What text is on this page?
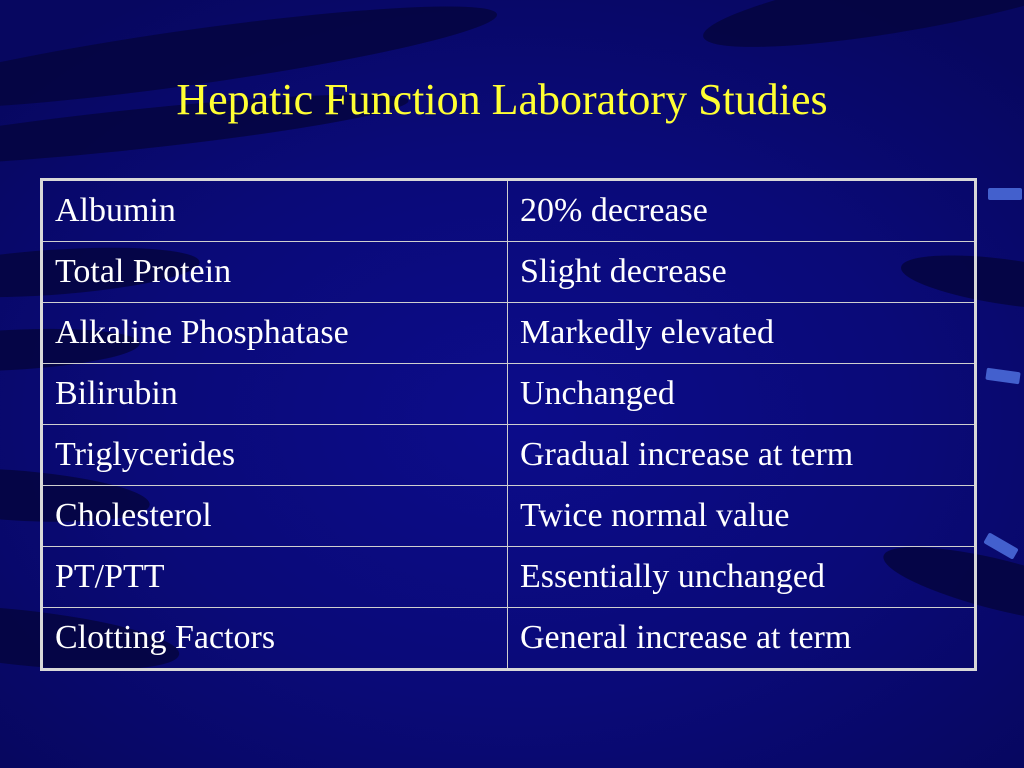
Hepatic Function Laboratory Studies
Albumin	20% decrease
Total Protein	Slight decrease
Alkaline Phosphatase	Markedly elevated
Bilirubin	Unchanged
Triglycerides	Gradual increase at term
Cholesterol	Twice normal value
PT/PTT	Essentially unchanged
Clotting Factors	General increase at term
